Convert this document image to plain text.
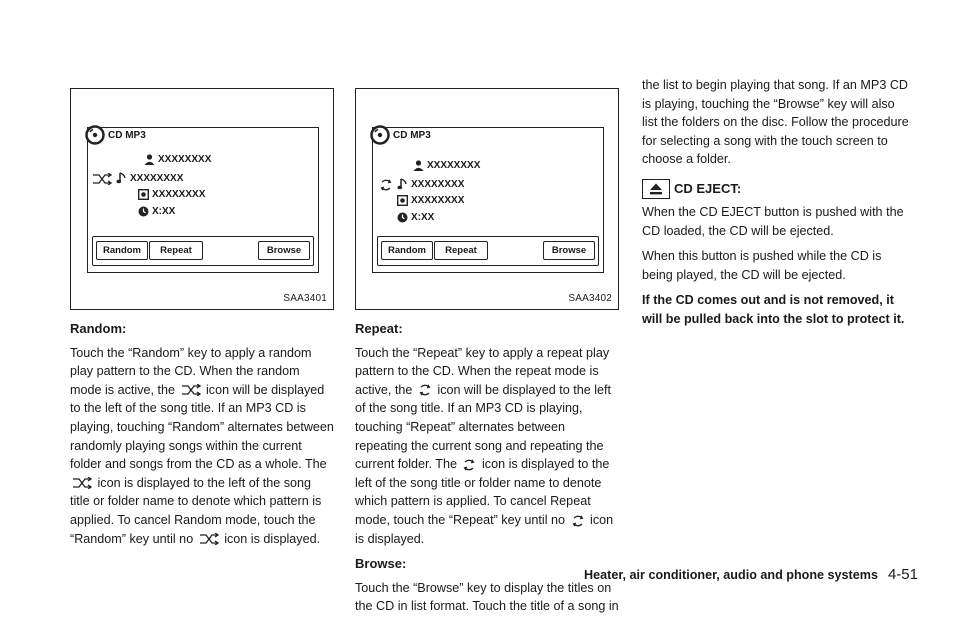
CD MP3
XXXXXXXX
XXXXXXXX
XXXXXXXX
X:XX
Random	Repeat	Browse
SAA3401
CD MP3
XXXXXXXX
XXXXXXXX
XXXXXXXX
X:XX
Random	Repeat	Browse
SAA3402
Random:

Touch the “Random” key to apply a random play pattern to the CD. When the random mode is active, the icon will be displayed to the left of the song title. If an MP3 CD is playing, touching “Random” alternates between randomly playing songs within the current folder and songs from the CD as a whole. The  icon is displayed to the left of the song title or folder name to denote which pattern is applied. To cancel Random mode, touch the “Random” key until no icon is displayed.

Repeat:

Touch the “Repeat” key to apply a repeat play pattern to the CD. When the repeat mode is active, the icon will be displayed to the left of the song title. If an MP3 CD is playing, touching “Repeat” alternates between repeating the current song and repeating the current folder. The icon is displayed to the left of the song title or folder name to denote which pattern is applied. To cancel Repeat mode, touch the “Repeat” key until no icon is displayed.

Browse:

Touch the “Browse” key to display the titles on the CD in list format. Touch the title of a song in

the list to begin playing that song. If an MP3 CD is playing, touching the “Browse” key will also list the folders on the disc. Follow the procedure for selecting a song with the touch screen to choose a folder.

CD EJECT:

When the CD EJECT button is pushed with the CD loaded, the CD will be ejected.

When this button is pushed while the CD is being played, the CD will be ejected.

If the CD comes out and is not removed, it will be pulled back into the slot to protect it.

Heater, air conditioner, audio and phone systems 4-51
